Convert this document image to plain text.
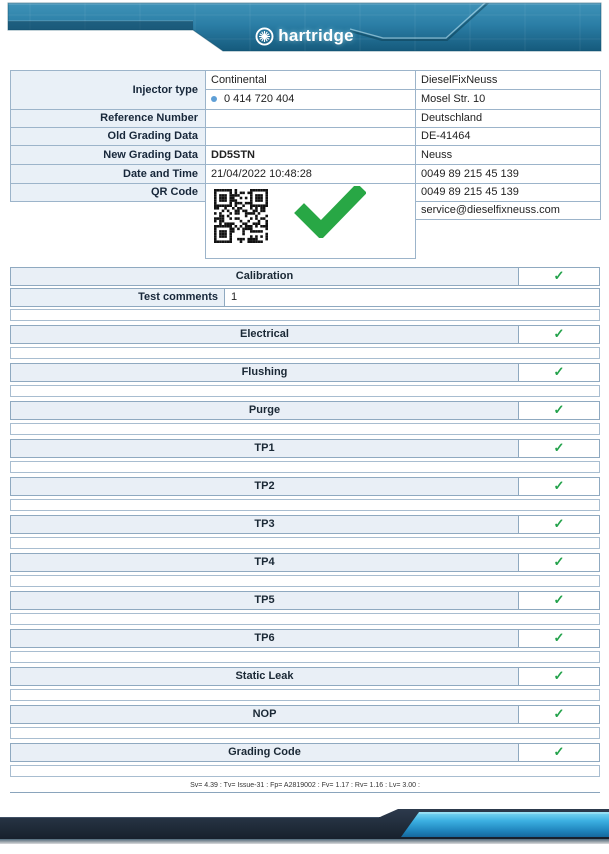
hartridge
Injector type	Continental	DieselFixNeuss
	0 414 720 404	Mosel Str. 10
Reference Number		Deutschland
Old Grading Data		DE-41464
New Grading Data	DD5STN	Neuss
Date and Time	21/04/2022 10:48:28	0049 89 215 45 139
QR Code		0049 89 215 45 139
		service@dieselfixneuss.com

Calibration	✓
Test comments	1
Electrical	✓
Flushing	✓
Purge	✓
TP1	✓
TP2	✓
TP3	✓
TP4	✓
TP5	✓
TP6	✓
Static Leak	✓
NOP	✓
Grading Code	✓
Sv= 4.39 : Tv= Issue-31 : Fp= A2819002 : Fv= 1.17 : Rv= 1.16 : Lv= 3.00 :
